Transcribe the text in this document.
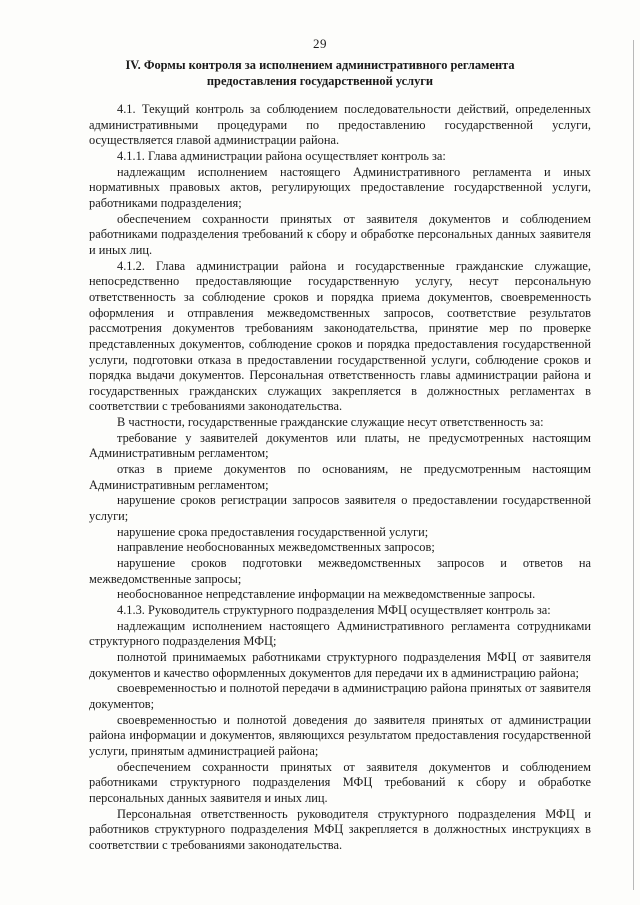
29
IV. Формы контроля за исполнением административного регламента предоставления государственной услуги

4.1. Текущий контроль за соблюдением последовательности действий, определенных административными процедурами по предоставлению государственной услуги, осуществляется главой администрации района.

4.1.1. Глава администрации района осуществляет контроль за:

надлежащим исполнением настоящего Административного регламента и иных нормативных правовых актов, регулирующих предоставление государственной услуги, работниками подразделения;

обеспечением сохранности принятых от заявителя документов и соблюдением работниками подразделения требований к сбору и обработке персональных данных заявителя и иных лиц.

4.1.2. Глава администрации района и государственные гражданские служащие, непосредственно предоставляющие государственную услугу, несут персональную ответственность за соблюдение сроков и порядка приема документов, своевременность оформления и отправления межведомственных запросов, соответствие результатов рассмотрения документов требованиям законодательства, принятие мер по проверке представленных документов, соблюдение сроков и порядка предоставления государственной услуги, подготовки отказа в предоставлении государственной услуги, соблюдение сроков и порядка выдачи документов. Персональная ответственность главы администрации района и государственных гражданских служащих закрепляется в должностных регламентах в соответствии с требованиями законодательства.

В частности, государственные гражданские служащие несут ответственность за:

требование у заявителей документов или платы, не предусмотренных настоящим Административным регламентом;

отказ в приеме документов по основаниям, не предусмотренным настоящим Административным регламентом;

нарушение сроков регистрации запросов заявителя о предоставлении государственной услуги;

нарушение срока предоставления государственной услуги;

направление необоснованных межведомственных запросов;

нарушение сроков подготовки межведомственных запросов и ответов на межведомственные запросы;

необоснованное непредставление информации на межведомственные запросы.

4.1.3. Руководитель структурного подразделения МФЦ осуществляет контроль за:

надлежащим исполнением настоящего Административного регламента сотрудниками структурного подразделения МФЦ;

полнотой принимаемых работниками структурного подразделения МФЦ от заявителя документов и качество оформленных документов для передачи их в администрацию района;

своевременностью и полнотой передачи в администрацию района принятых от заявителя документов;

своевременностью и полнотой доведения до заявителя принятых от администрации района информации и документов, являющихся результатом предоставления государственной услуги, принятым администрацией района;

обеспечением сохранности принятых от заявителя документов и соблюдением работниками структурного подразделения МФЦ требований к сбору и обработке персональных данных заявителя и иных лиц.

Персональная ответственность руководителя структурного подразделения МФЦ и работников структурного подразделения МФЦ закрепляется в должностных инструкциях в соответствии с требованиями законодательства.
